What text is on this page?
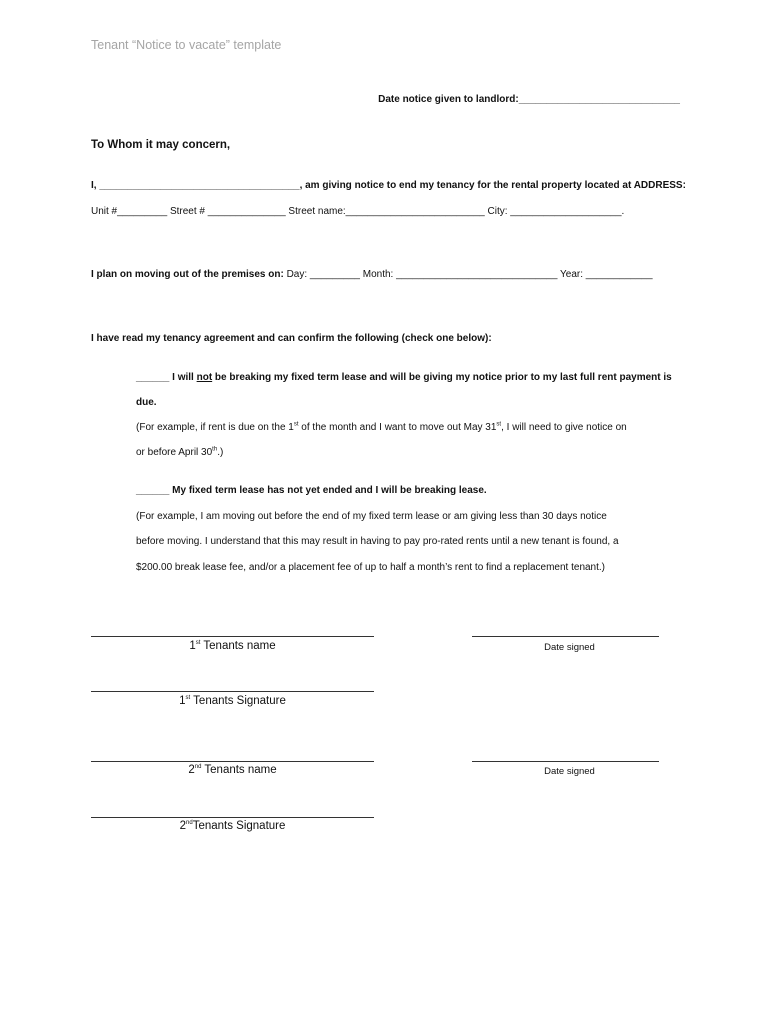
Tenant “Notice to vacate” template
Date notice given to landlord:_____________________________
To Whom it may concern,
I, ____________________________________, am giving notice to end my tenancy for the rental property located at ADDRESS:
Unit #_________ Street # ______________ Street name:_________________________ City: ____________________.
I plan on moving out of the premises on: Day: _________ Month: _____________________________ Year: ____________
I have read my tenancy agreement and can confirm the following (check one below):
______ I will not be breaking my fixed term lease and will be giving my notice prior to my last full rent payment is
due.
(For example, if rent is due on the 1st of the month and I want to move out May 31st, I will need to give notice on
or before April 30th.)
______ My fixed term lease has not yet ended and I will be breaking lease.
(For example, I am moving out before the end of my fixed term lease or am giving less than 30 days notice
before moving. I understand that this may result in having to pay pro-rated rents until a new tenant is found, a
$200.00 break lease fee, and/or a placement fee of up to half a month’s rent to find a replacement tenant.)
1st Tenants name	Date signed
1st Tenants Signature
2nd Tenants name	Date signed
2ndTenants Signature
